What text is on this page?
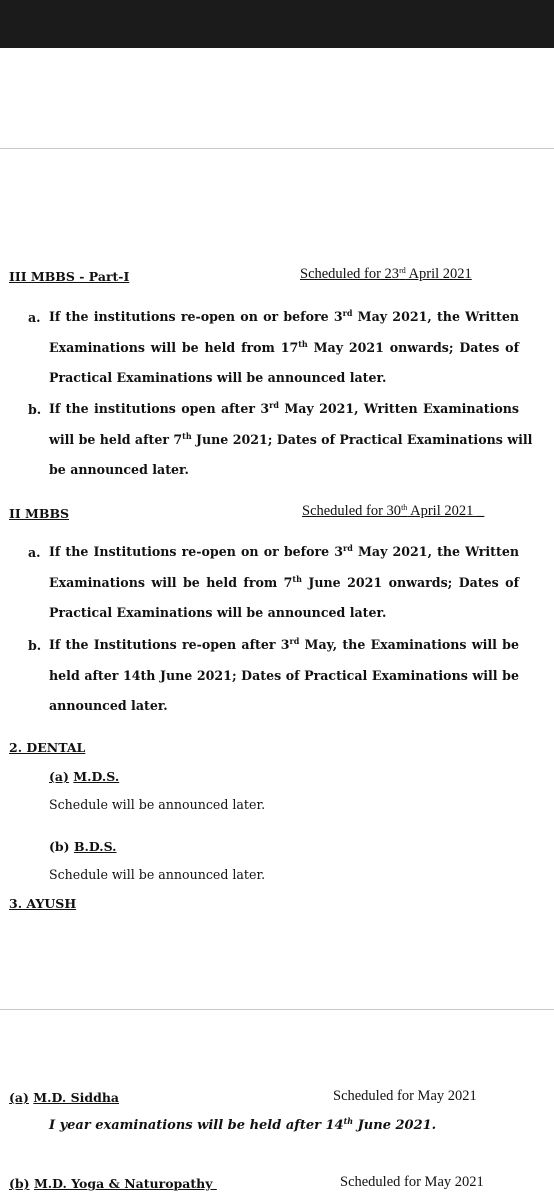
III MBBS - Part-I	Scheduled for 23rd April 2021
a. If the institutions re-open on or before 3rd May 2021, the Written
Examinations will be held from 17th May 2021 onwards; Dates of
Practical Examinations will be announced later.
b. If the institutions open after 3rd May 2021, Written Examinations
will be held after 7th June 2021; Dates of Practical Examinations will
be announced later.
II MBBS	Scheduled for 30th April 2021 _
a. If the Institutions re-open on or before 3rd May 2021, the Written
Examinations will be held from 7th June 2021 onwards; Dates of
Practical Examinations will be announced later.
b. If the Institutions re-open after 3rd May, the Examinations will be
held after 14th June 2021; Dates of Practical Examinations will be
announced later.
2. DENTAL
(a) M.D.S.
Schedule will be announced later.
(b) B.D.S.
Schedule will be announced later.
3. AYUSH
(a) M.D. Siddha	Scheduled for May 2021
I year examinations will be held after 14th June 2021.
(b) M.D. Yoga & Naturopathy	Scheduled for May 2021
